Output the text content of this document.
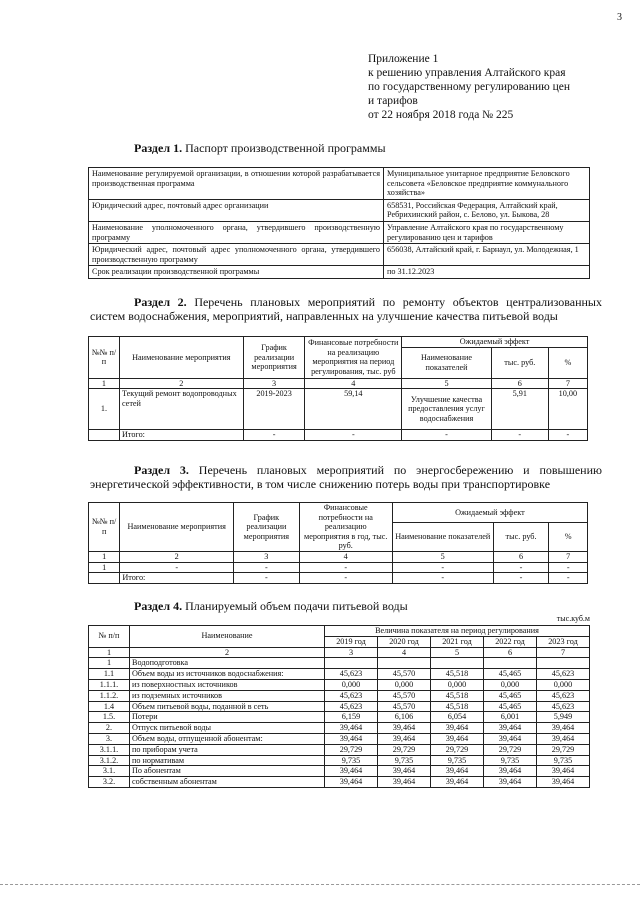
3
Приложение 1
к решению управления Алтайского края
по государственному регулированию цен
и тарифов
от 22 ноября 2018 года № 225
Раздел 1. Паспорт производственной программы
Наименование регулируемой организации, в отношении которой разрабатывается производственная программа	Муниципальное унитарное предприятие Беловского сельсовета «Беловское предприятие коммунального хозяйства»
Юридический адрес, почтовый адрес организации	658531, Российская Федерация, Алтайский край, Ребрихинский район, с. Белово, ул. Быкова, 28
Наименование уполномоченного органа, утвердившего производственную программу	Управление Алтайского края по государственному регулированию цен и тарифов
Юридический адрес, почтовый адрес уполномоченного органа, утвердившего производственную программу	656038, Алтайский край, г. Барнаул, ул. Молодежная, 1
Срок реализации производственной программы	по 31.12.2023
Раздел 2. Перечень плановых мероприятий по ремонту объектов централизованных систем водоснабжения, мероприятий, направленных на улучшение качества питьевой воды
№№ п/п	Наименование мероприятия	График реализации мероприятия	Финансовые потребности на реализацию мероприятия на период регулирования, тыс. руб	Ожидаемый эффект		
				Наименование показателей	тыс. руб.	%
1	2	3	4	5	6	7
1.	Текущий ремонт водопроводных сетей	2019-2023	59,14	Улучшение качества предоставления услуг водоснабжения	5,91	10,00
	Итого:	-	-	-	-	-
Раздел 3. Перечень плановых мероприятий по энергосбережению и повышению энергетической эффективности, в том числе снижению потерь воды при транспортировке
№№ п/п	Наименование мероприятия	График реализации мероприятия	Финансовые потребности на реализацию мероприятия в год, тыс. руб.	Ожидаемый эффект		
				Наименование показателей	тыс. руб.	%
1	2	3	4	5	6	7
1	-	-	-	-	-	-
	Итого:	-	-	-	-	-
Раздел 4. Планируемый объем подачи питьевой воды
тыс.куб.м
№ п/п	Наименование	Величина показателя на период регулирования				
		2019 год	2020 год	2021 год	2022 год	2023 год
1	2	3	4	5	6	7
1	Водоподготовка					
1.1	Объем воды из источников водоснабжения:	45,623	45,570	45,518	45,465	45,623
1.1.1.	из поверхностных источников	0,000	0,000	0,000	0,000	0,000
1.1.2.	из подземных источников	45,623	45,570	45,518	45,465	45,623
1.4	Объем питьевой воды, поданной в сеть	45,623	45,570	45,518	45,465	45,623
1.5.	Потери	6,159	6,106	6,054	6,001	5,949
2.	Отпуск питьевой воды	39,464	39,464	39,464	39,464	39,464
3.	Объем воды, отпущенной абонентам:	39,464	39,464	39,464	39,464	39,464
3.1.1.	по приборам учета	29,729	29,729	29,729	29,729	29,729
3.1.2.	по нормативам	9,735	9,735	9,735	9,735	9,735
3.1.	По абонентам	39,464	39,464	39,464	39,464	39,464
3.2.	собственным абонентам	39,464	39,464	39,464	39,464	39,464
